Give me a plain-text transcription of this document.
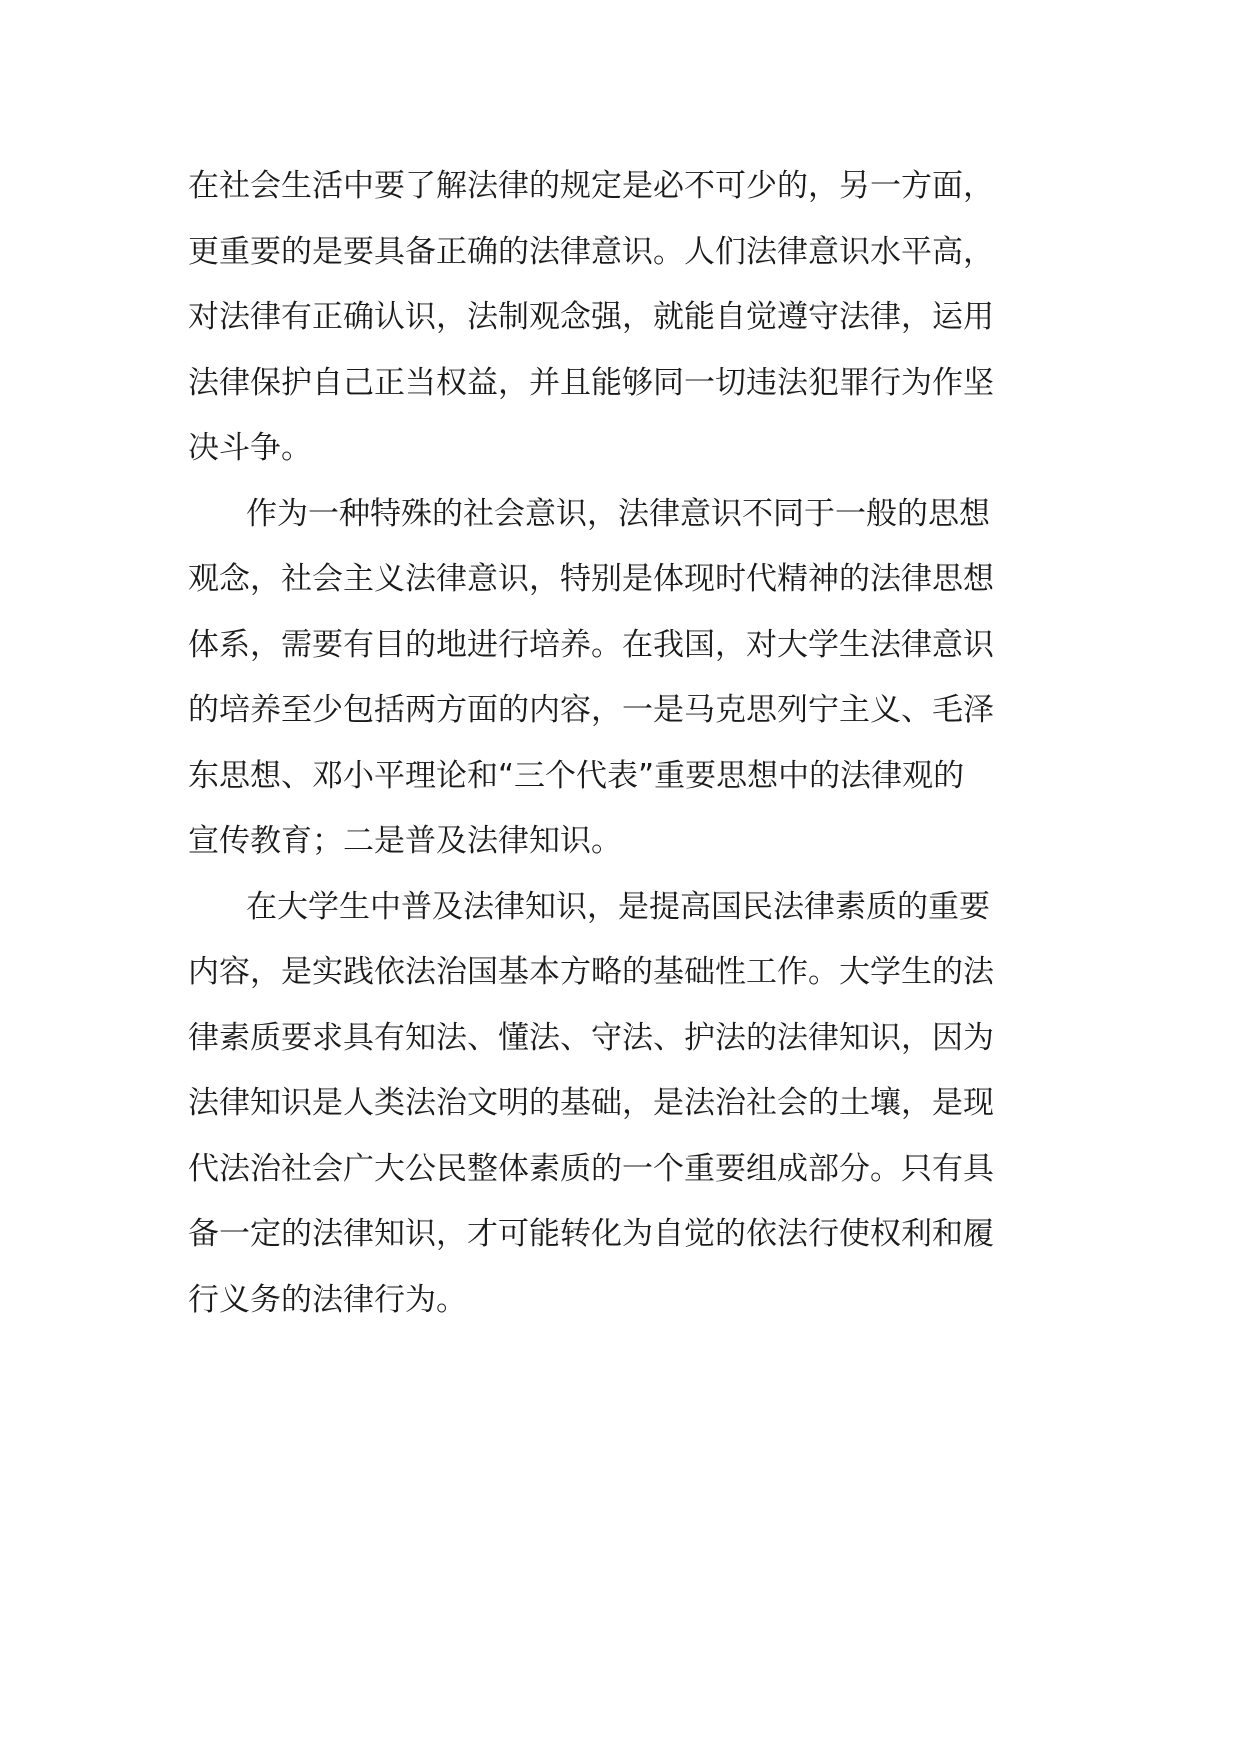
在社会生活中要了解法律的规定是必不可少的，另一方面，
更重要的是要具备正确的法律意识。人们法律意识水平高，
对法律有正确认识，法制观念强，就能自觉遵守法律，运用
法律保护自己正当权益，并且能够同一切违法犯罪行为作坚
决斗争。
作为一种特殊的社会意识，法律意识不同于一般的思想
观念，社会主义法律意识，特别是体现时代精神的法律思想
体系，需要有目的地进行培养。在我国，对大学生法律意识
的培养至少包括两方面的内容，一是马克思列宁主义、毛泽
东思想、邓小平理论和“三个代表”重要思想中的法律观的
宣传教育；二是普及法律知识。
在大学生中普及法律知识，是提高国民法律素质的重要
内容，是实践依法治国基本方略的基础性工作。大学生的法
律素质要求具有知法、懂法、守法、护法的法律知识，因为
法律知识是人类法治文明的基础，是法治社会的土壤，是现
代法治社会广大公民整体素质的一个重要组成部分。只有具
备一定的法律知识，才可能转化为自觉的依法行使权利和履
行义务的法律行为。
